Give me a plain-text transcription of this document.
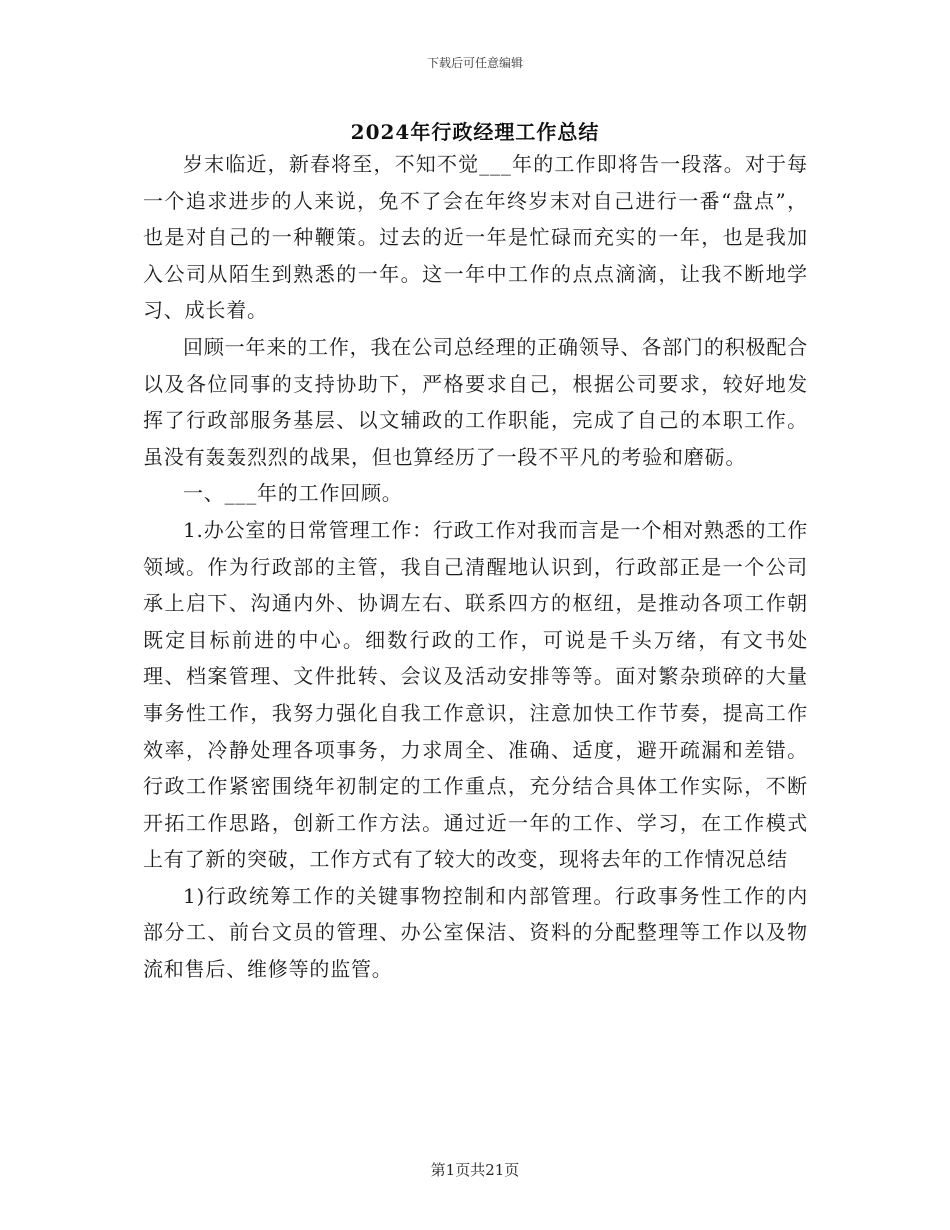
下载后可任意编辑
2024年行政经理工作总结

岁末临近，新春将至，不知不觉___年的工作即将告一段落。对于每一个追求进步的人来说，免不了会在年终岁末对自己进行一番“盘点”，也是对自己的一种鞭策。过去的近一年是忙碌而充实的一年，也是我加入公司从陌生到熟悉的一年。这一年中工作的点点滴滴，让我不断地学习、成长着。

回顾一年来的工作，我在公司总经理的正确领导、各部门的积极配合以及各位同事的支持协助下，严格要求自己，根据公司要求，较好地发挥了行政部服务基层、以文辅政的工作职能，完成了自己的本职工作。虽没有轰轰烈烈的战果，但也算经历了一段不平凡的考验和磨砺。

一、___年的工作回顾。

1.办公室的日常管理工作：行政工作对我而言是一个相对熟悉的工作领域。作为行政部的主管，我自己清醒地认识到，行政部正是一个公司承上启下、沟通内外、协调左右、联系四方的枢纽，是推动各项工作朝既定目标前进的中心。细数行政的工作，可说是千头万绪，有文书处理、档案管理、文件批转、会议及活动安排等等。面对繁杂琐碎的大量事务性工作，我努力强化自我工作意识，注意加快工作节奏，提高工作效率，冷静处理各项事务，力求周全、准确、适度，避开疏漏和差错。行政工作紧密围绕年初制定的工作重点，充分结合具体工作实际，不断开拓工作思路，创新工作方法。通过近一年的工作、学习，在工作模式上有了新的突破，工作方式有了较大的改变，现将去年的工作情况总结

1)行政统筹工作的关键事物控制和内部管理。行政事务性工作的内部分工、前台文员的管理、办公室保洁、资料的分配整理等工作以及物流和售后、维修等的监管。

第1页共21页
